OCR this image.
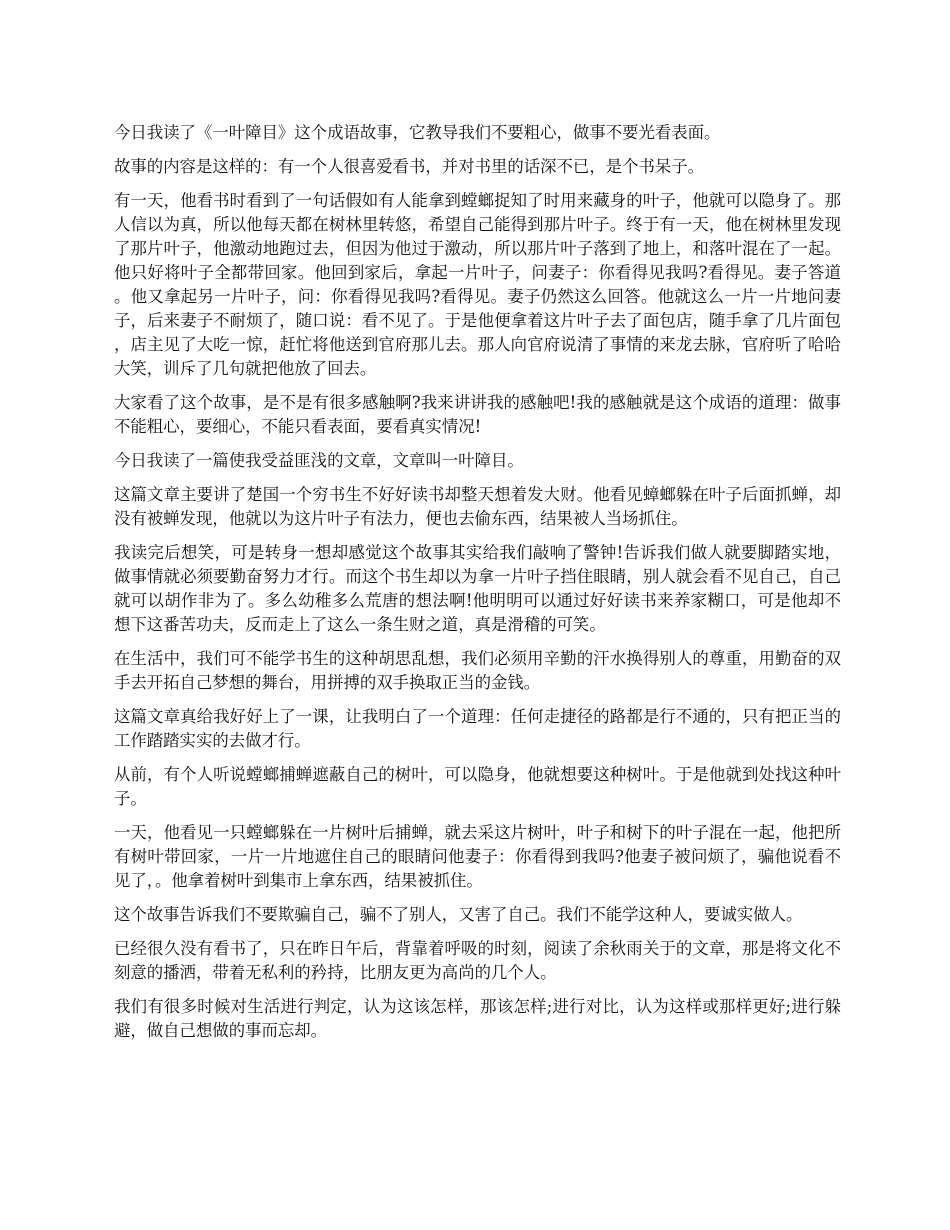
今日我读了《一叶障目》这个成语故事，它教导我们不要粗心，做事不要光看表面。

故事的内容是这样的：有一个人很喜爱看书，并对书里的话深不已，是个书呆子。

有一天，他看书时看到了一句话假如有人能拿到螳螂捉知了时用来藏身的叶子，他就可以隐身了。那人信以为真，所以他每天都在树林里转悠，希望自己能得到那片叶子。终于有一天，他在树林里发现了那片叶子，他激动地跑过去，但因为他过于激动，所以那片叶子落到了地上，和落叶混在了一起。他只好将叶子全都带回家。他回到家后，拿起一片叶子，问妻子：你看得见我吗?看得见。妻子答道。他又拿起另一片叶子，问：你看得见我吗?看得见。妻子仍然这么回答。他就这么一片一片地问妻子，后来妻子不耐烦了，随口说：看不见了。于是他便拿着这片叶子去了面包店，随手拿了几片面包，店主见了大吃一惊，赶忙将他送到官府那儿去。那人向官府说清了事情的来龙去脉，官府听了哈哈大笑，训斥了几句就把他放了回去。

大家看了这个故事，是不是有很多感触啊?我来讲讲我的感触吧!我的感触就是这个成语的道理：做事不能粗心，要细心，不能只看表面，要看真实情况!

今日我读了一篇使我受益匪浅的文章，文章叫一叶障目。

这篇文章主要讲了楚国一个穷书生不好好读书却整天想着发大财。他看见蟑螂躲在叶子后面抓蝉，却没有被蝉发现，他就以为这片叶子有法力，便也去偷东西，结果被人当场抓住。

我读完后想笑，可是转身一想却感觉这个故事其实给我们敲响了警钟!告诉我们做人就要脚踏实地，做事情就必须要勤奋努力才行。而这个书生却以为拿一片叶子挡住眼睛，别人就会看不见自己，自己就可以胡作非为了。多么幼稚多么荒唐的想法啊!他明明可以通过好好读书来养家糊口，可是他却不想下这番苦功夫，反而走上了这么一条生财之道，真是滑稽的可笑。

在生活中，我们可不能学书生的这种胡思乱想，我们必须用辛勤的汗水换得别人的尊重，用勤奋的双手去开拓自己梦想的舞台，用拼搏的双手换取正当的金钱。

这篇文章真给我好好上了一课，让我明白了一个道理：任何走捷径的路都是行不通的，只有把正当的工作踏踏实实的去做才行。

从前，有个人听说螳螂捕蝉遮蔽自己的树叶，可以隐身，他就想要这种树叶。于是他就到处找这种叶子。

一天，他看见一只螳螂躲在一片树叶后捕蝉，就去采这片树叶，叶子和树下的叶子混在一起，他把所有树叶带回家，一片一片地遮住自己的眼睛问他妻子：你看得到我吗?他妻子被问烦了，骗他说看不见了，。他拿着树叶到集市上拿东西，结果被抓住。

这个故事告诉我们不要欺骗自己，骗不了别人，又害了自己。我们不能学这种人，要诚实做人。

已经很久没有看书了，只在昨日午后，背靠着呼吸的时刻，阅读了余秋雨关于的文章，那是将文化不刻意的播洒，带着无私利的矜持，比朋友更为高尚的几个人。

我们有很多时候对生活进行判定，认为这该怎样，那该怎样;进行对比，认为这样或那样更好;进行躲避，做自己想做的事而忘却。
